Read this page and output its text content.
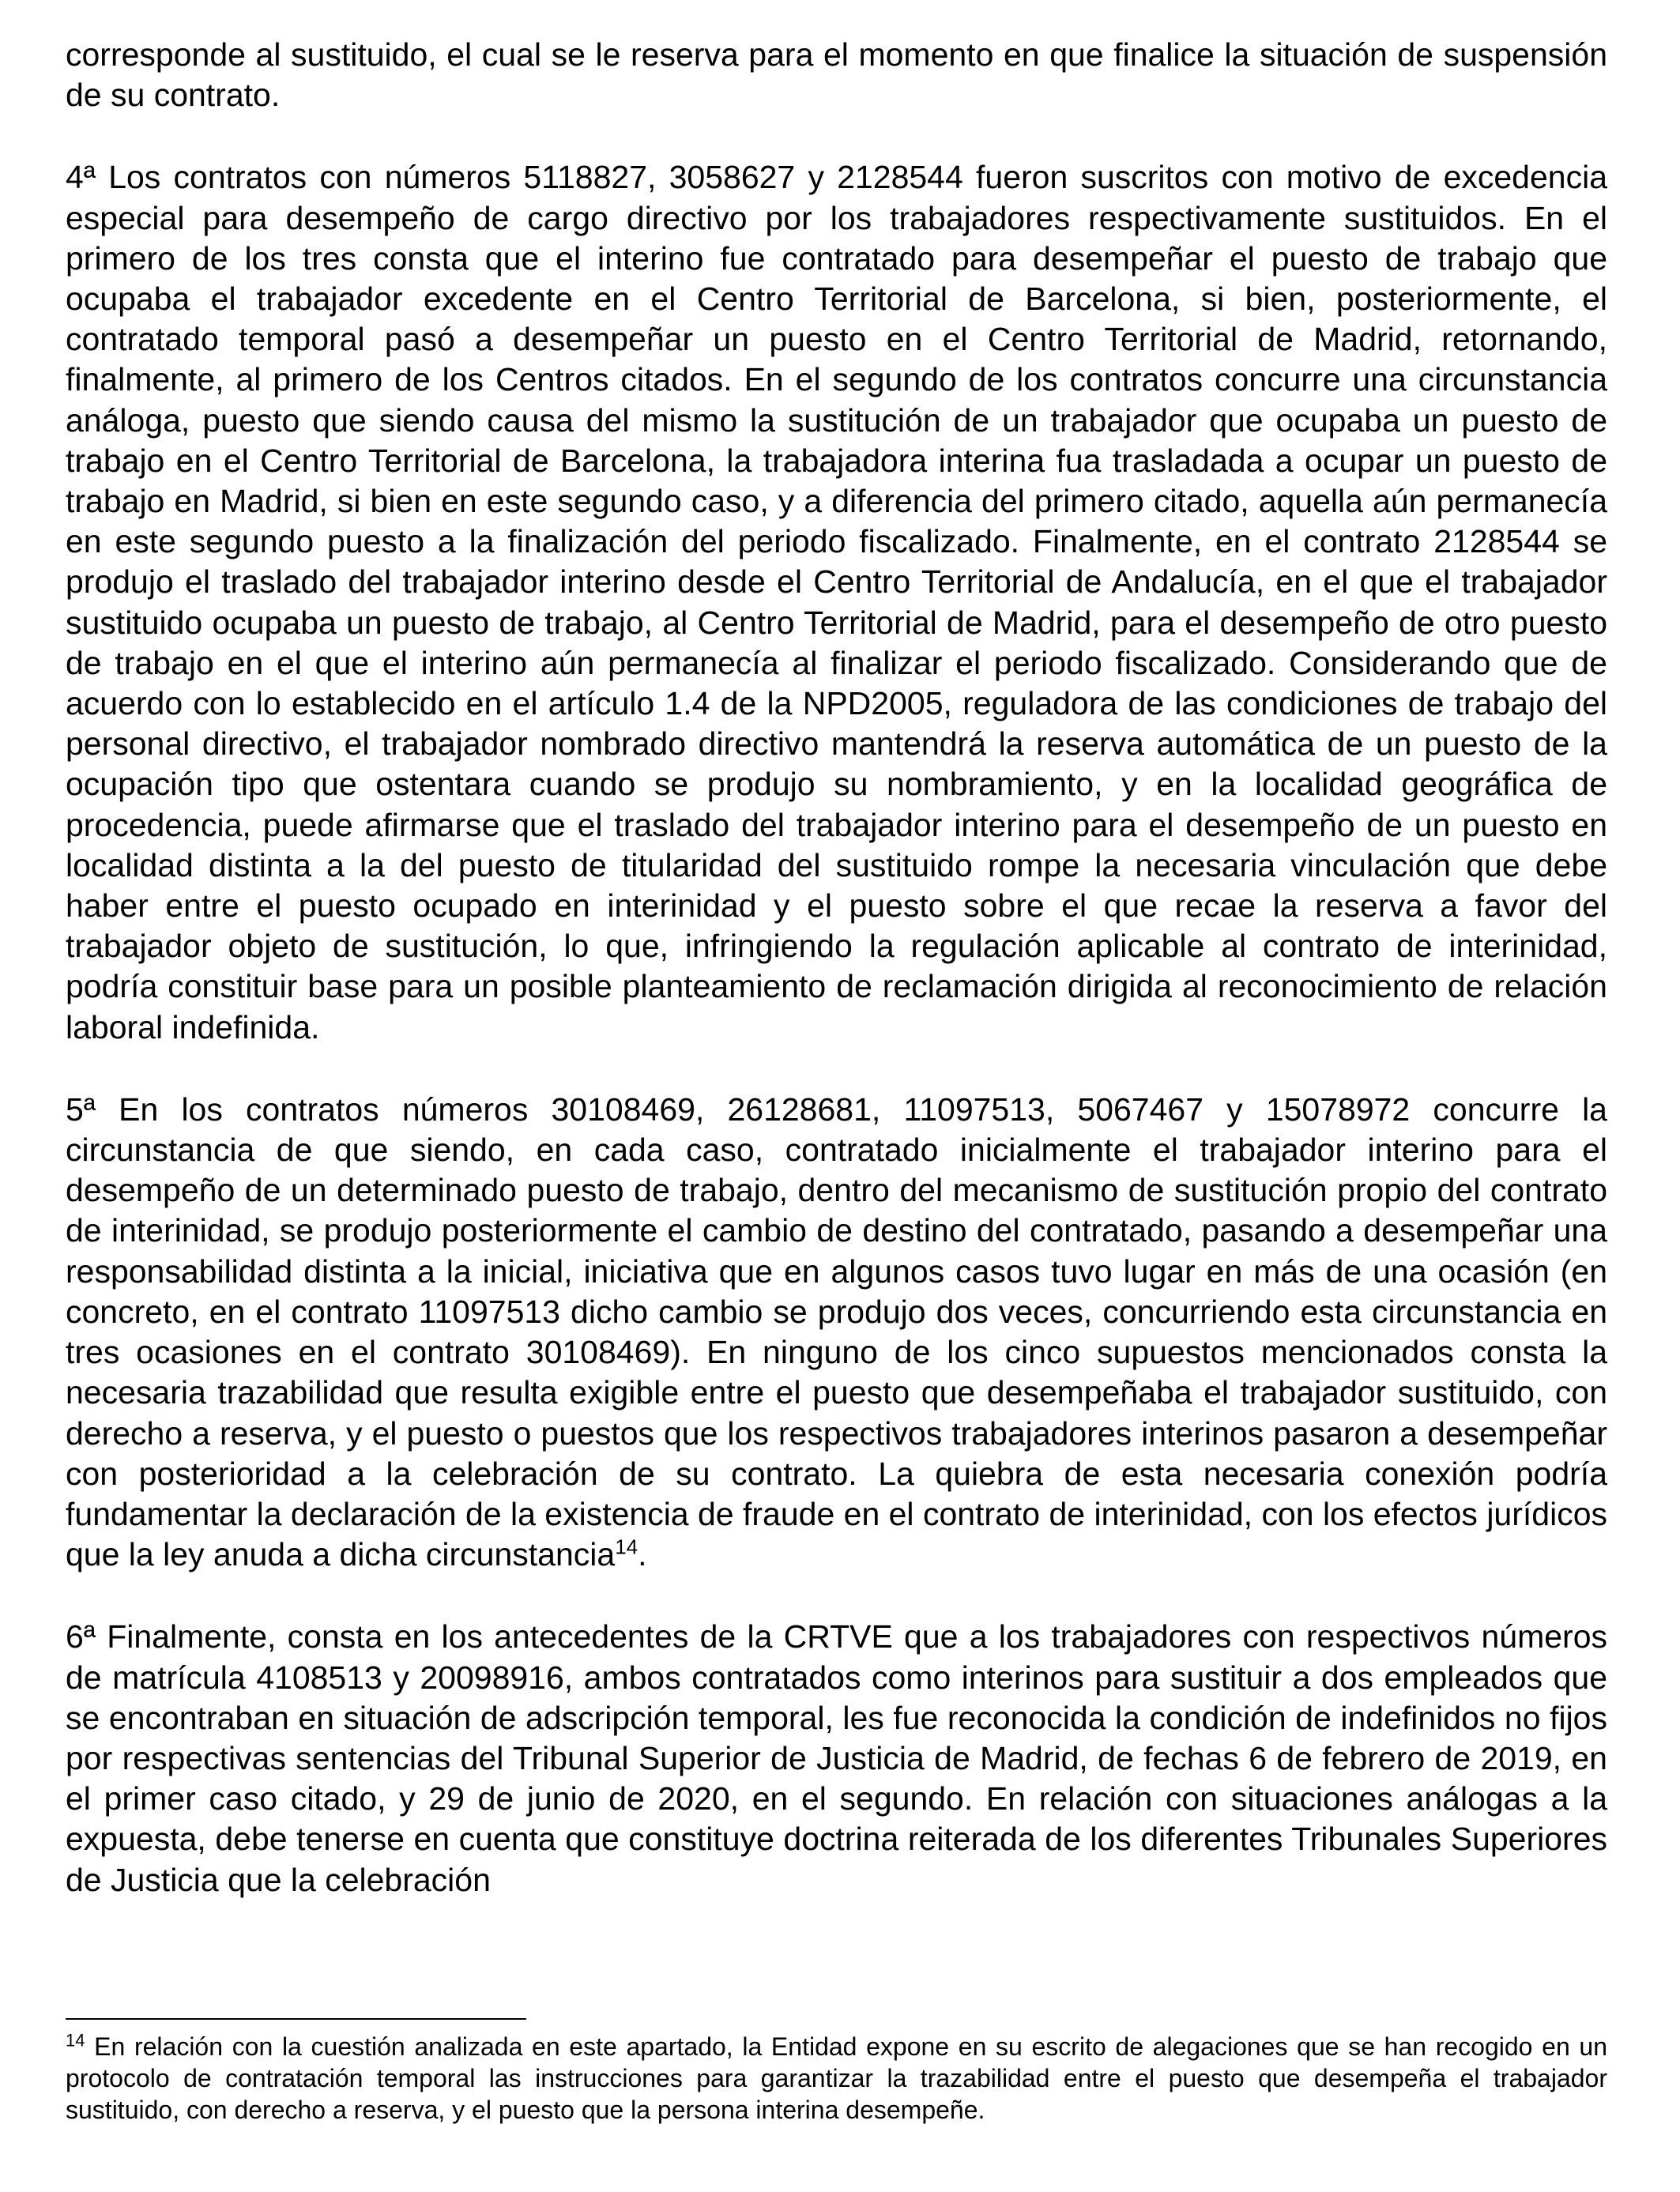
corresponde al sustituido, el cual se le reserva para el momento en que finalice la situación de suspensión de su contrato.

4ª Los contratos con números 5118827, 3058627 y 2128544 fueron suscritos con motivo de excedencia especial para desempeño de cargo directivo por los trabajadores respectivamente sustituidos. En el primero de los tres consta que el interino fue contratado para desempeñar el puesto de trabajo que ocupaba el trabajador excedente en el Centro Territorial de Barcelona, si bien, posteriormente, el contratado temporal pasó a desempeñar un puesto en el Centro Territorial de Madrid, retornando, finalmente, al primero de los Centros citados. En el segundo de los contratos concurre una circunstancia análoga, puesto que siendo causa del mismo la sustitución de un trabajador que ocupaba un puesto de trabajo en el Centro Territorial de Barcelona, la trabajadora interina fua trasladada a ocupar un puesto de trabajo en Madrid, si bien en este segundo caso, y a diferencia del primero citado, aquella aún permanecía en este segundo puesto a la finalización del periodo fiscalizado. Finalmente, en el contrato 2128544 se produjo el traslado del trabajador interino desde el Centro Territorial de Andalucía, en el que el trabajador sustituido ocupaba un puesto de trabajo, al Centro Territorial de Madrid, para el desempeño de otro puesto de trabajo en el que el interino aún permanecía al finalizar el periodo fiscalizado. Considerando que de acuerdo con lo establecido en el artículo 1.4 de la NPD2005, reguladora de las condiciones de trabajo del personal directivo, el trabajador nombrado directivo mantendrá la reserva automática de un puesto de la ocupación tipo que ostentara cuando se produjo su nombramiento, y en la localidad geográfica de procedencia, puede afirmarse que el traslado del trabajador interino para el desempeño de un puesto en localidad distinta a la del puesto de titularidad del sustituido rompe la necesaria vinculación que debe haber entre el puesto ocupado en interinidad y el puesto sobre el que recae la reserva a favor del trabajador objeto de sustitución, lo que, infringiendo la regulación aplicable al contrato de interinidad, podría constituir base para un posible planteamiento de reclamación dirigida al reconocimiento de relación laboral indefinida.

5ª En los contratos números 30108469, 26128681, 11097513, 5067467 y 15078972 concurre la circunstancia de que siendo, en cada caso, contratado inicialmente el trabajador interino para el desempeño de un determinado puesto de trabajo, dentro del mecanismo de sustitución propio del contrato de interinidad, se produjo posteriormente el cambio de destino del contratado, pasando a desempeñar una responsabilidad distinta a la inicial, iniciativa que en algunos casos tuvo lugar en más de una ocasión (en concreto, en el contrato 11097513 dicho cambio se produjo dos veces, concurriendo esta circunstancia en tres ocasiones en el contrato 30108469). En ninguno de los cinco supuestos mencionados consta la necesaria trazabilidad que resulta exigible entre el puesto que desempeñaba el trabajador sustituido, con derecho a reserva, y el puesto o puestos que los respectivos trabajadores interinos pasaron a desempeñar con posterioridad a la celebración de su contrato. La quiebra de esta necesaria conexión podría fundamentar la declaración de la existencia de fraude en el contrato de interinidad, con los efectos jurídicos que la ley anuda a dicha circunstancia$^{14}$.

6ª Finalmente, consta en los antecedentes de la CRTVE que a los trabajadores con respectivos números de matrícula 4108513 y 20098916, ambos contratados como interinos para sustituir a dos empleados que se encontraban en situación de adscripción temporal, les fue reconocida la condición de indefinidos no fijos por respectivas sentencias del Tribunal Superior de Justicia de Madrid, de fechas 6 de febrero de 2019, en el primer caso citado, y 29 de junio de 2020, en el segundo. En relación con situaciones análogas a la expuesta, debe tenerse en cuenta que constituye doctrina reiterada de los diferentes Tribunales Superiores de Justicia que la celebración

$^{14}$ En relación con la cuestión analizada en este apartado, la Entidad expone en su escrito de alegaciones que se han recogido en un protocolo de contratación temporal las instrucciones para garantizar la trazabilidad entre el puesto que desempeña el trabajador sustituido, con derecho a reserva, y el puesto que la persona interina desempeñe.
